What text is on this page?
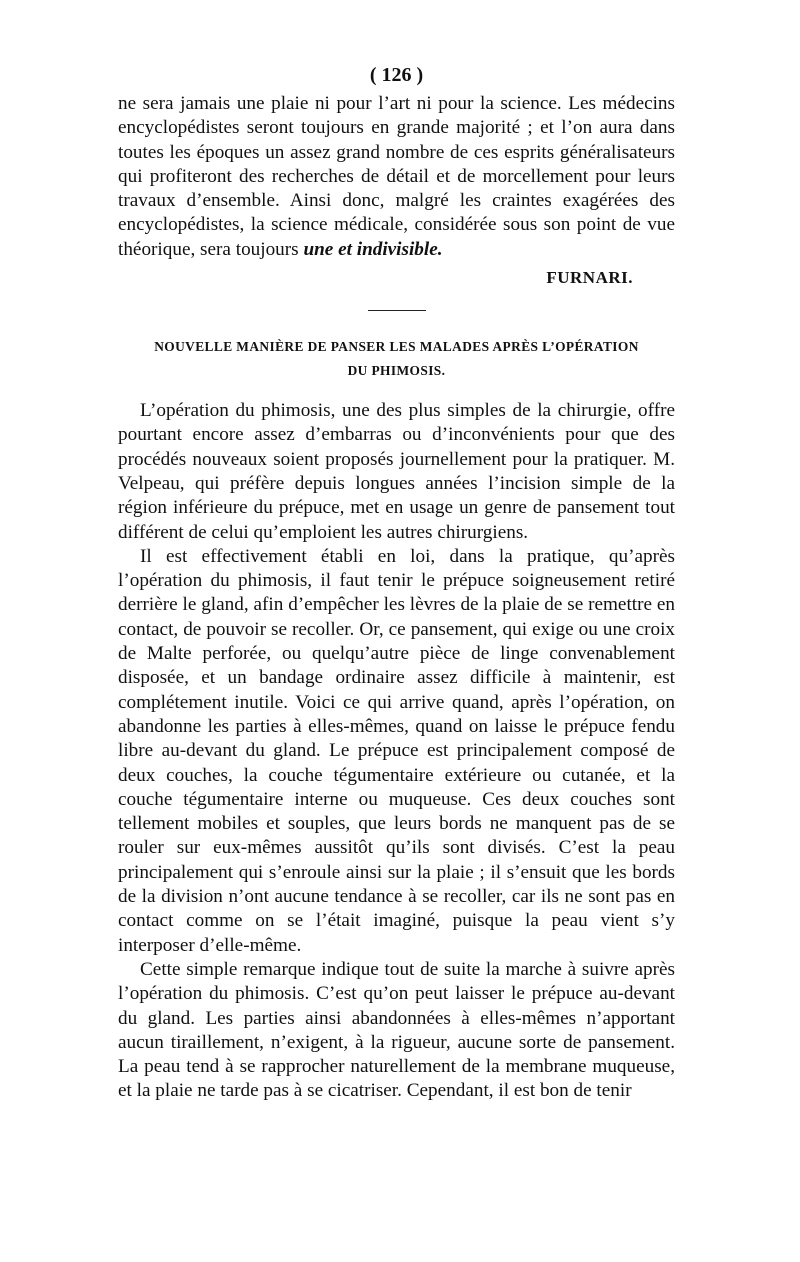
( 126 )

ne sera jamais une plaie ni pour l’art ni pour la science. Les médecins encyclopédistes seront toujours en grande majorité ; et l’on aura dans toutes les époques un assez grand nombre de ces esprits généralisateurs qui profiteront des recherches de détail et de morcellement pour leurs travaux d’ensemble. Ainsi donc, malgré les craintes exagérées des encyclopédistes, la science médicale, considérée sous son point de vue théorique, sera toujours une et indivisible.

FURNARI.
NOUVELLE MANIÈRE DE PANSER LES MALADES APRÈS L’OPÉRATION
DU PHIMOSIS.

L’opération du phimosis, une des plus simples de la chirurgie, offre pourtant encore assez d’embarras ou d’inconvénients pour que des procédés nouveaux soient proposés journellement pour la pratiquer. M. Velpeau, qui préfère depuis longues années l’incision simple de la région inférieure du prépuce, met en usage un genre de pansement tout différent de celui qu’emploient les autres chirurgiens.

Il est effectivement établi en loi, dans la pratique, qu’après l’opération du phimosis, il faut tenir le prépuce soigneusement retiré derrière le gland, afin d’empêcher les lèvres de la plaie de se remettre en contact, de pouvoir se recoller. Or, ce pansement, qui exige ou une croix de Malte perforée, ou quelqu’autre pièce de linge convenablement disposée, et un bandage ordinaire assez difficile à maintenir, est complétement inutile. Voici ce qui arrive quand, après l’opération, on abandonne les parties à elles-mêmes, quand on laisse le prépuce fendu libre au-devant du gland. Le prépuce est principalement composé de deux couches, la couche tégumentaire extérieure ou cutanée, et la couche tégumentaire interne ou muqueuse. Ces deux couches sont tellement mobiles et souples, que leurs bords ne manquent pas de se rouler sur eux-mêmes aussitôt qu’ils sont divisés. C’est la peau principalement qui s’enroule ainsi sur la plaie ; il s’ensuit que les bords de la division n’ont aucune tendance à se recoller, car ils ne sont pas en contact comme on se l’était imaginé, puisque la peau vient s’y interposer d’elle-même.

Cette simple remarque indique tout de suite la marche à suivre après l’opération du phimosis. C’est qu’on peut laisser le prépuce au-devant du gland. Les parties ainsi abandonnées à elles-mêmes n’apportant aucun tiraillement, n’exigent, à la rigueur, aucune sorte de pansement. La peau tend à se rapprocher naturellement de la membrane muqueuse, et la plaie ne tarde pas à se cicatriser. Cependant, il est bon de tenir
